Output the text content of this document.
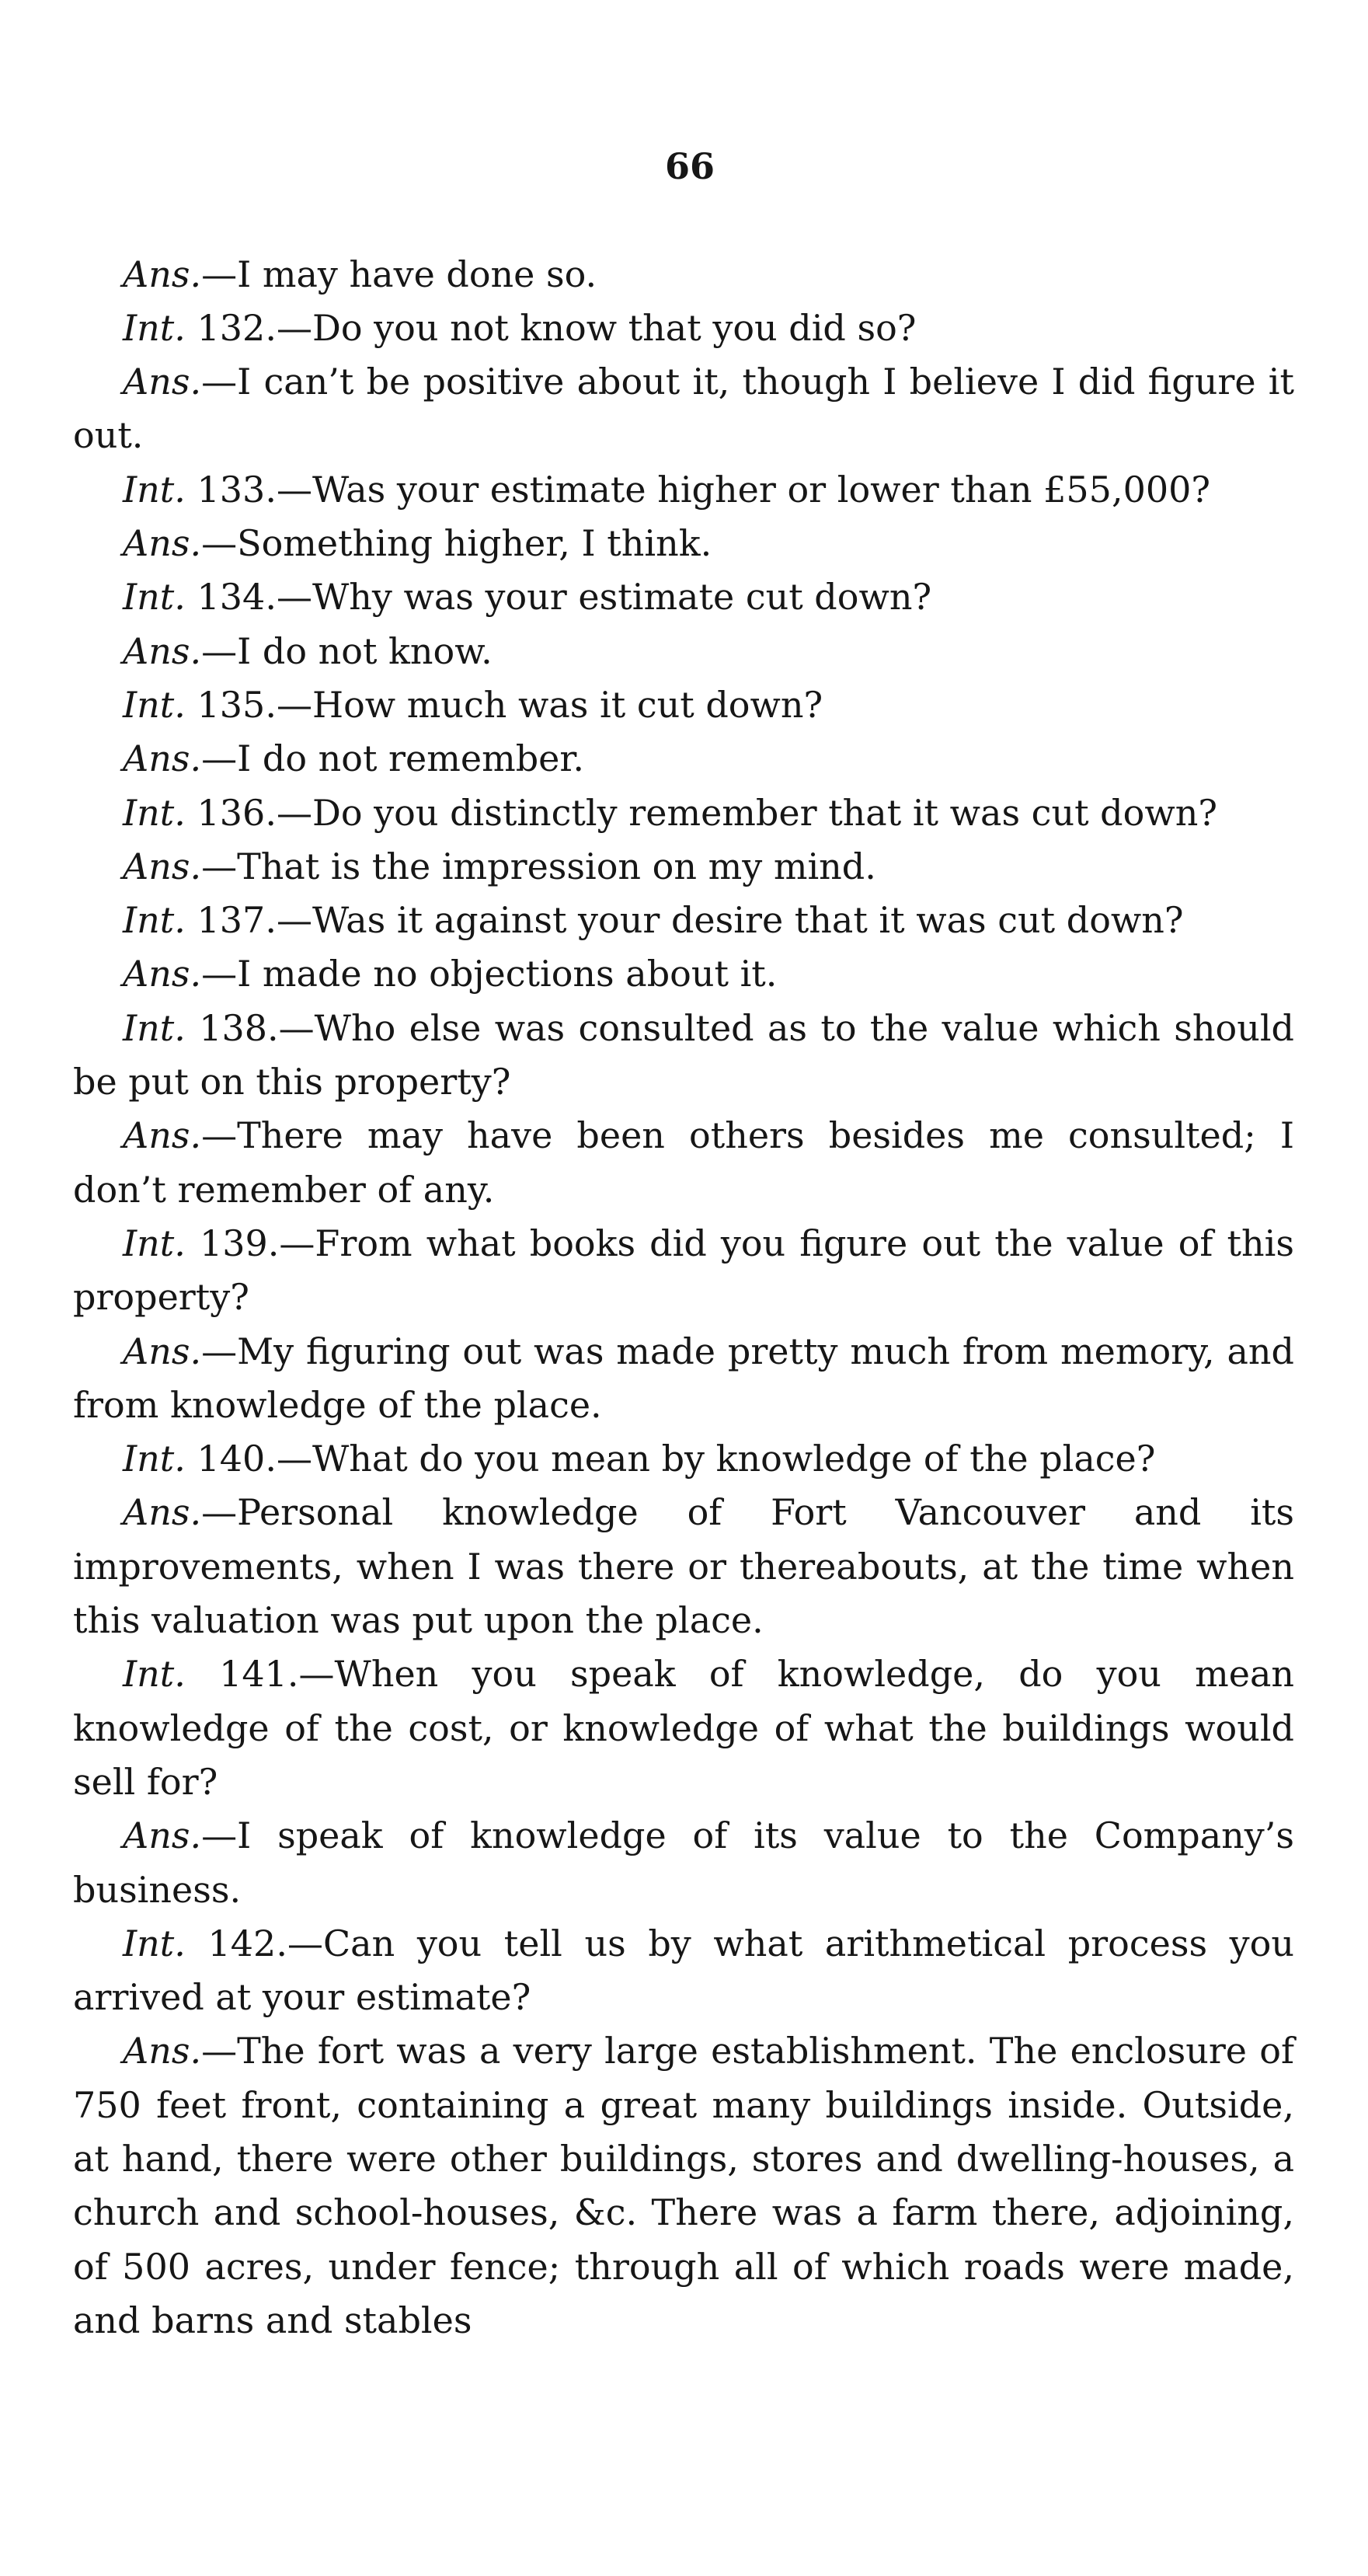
66

Ans.—I may have done so.

Int. 132.—Do you not know that you did so?

Ans.—I can’t be positive about it, though I believe I did figure it out.

Int. 133.—Was your estimate higher or lower than £55,000?

Ans.—Something higher, I think.

Int. 134.—Why was your estimate cut down?

Ans.—I do not know.

Int. 135.—How much was it cut down?

Ans.—I do not remember.

Int. 136.—Do you distinctly remember that it was cut down?

Ans.—That is the impression on my mind.

Int. 137.—Was it against your desire that it was cut down?

Ans.—I made no objections about it.

Int. 138.—Who else was consulted as to the value which should be put on this property?

Ans.—There may have been others besides me consulted; I don’t remember of any.

Int. 139.—From what books did you figure out the value of this property?

Ans.—My figuring out was made pretty much from memory, and from knowledge of the place.

Int. 140.—What do you mean by knowledge of the place?

Ans.—Personal knowledge of Fort Vancouver and its improvements, when I was there or thereabouts, at the time when this valuation was put upon the place.

Int. 141.—When you speak of knowledge, do you mean knowledge of the cost, or knowledge of what the buildings would sell for?

Ans.—I speak of knowledge of its value to the Company’s business.

Int. 142.—Can you tell us by what arithmetical process you arrived at your estimate?

Ans.—The fort was a very large establishment. The enclosure of 750 feet front, containing a great many buildings inside. Outside, at hand, there were other buildings, stores and dwelling-houses, a church and school-houses, &c. There was a farm there, adjoining, of 500 acres, under fence; through all of which roads were made, and barns and stables
